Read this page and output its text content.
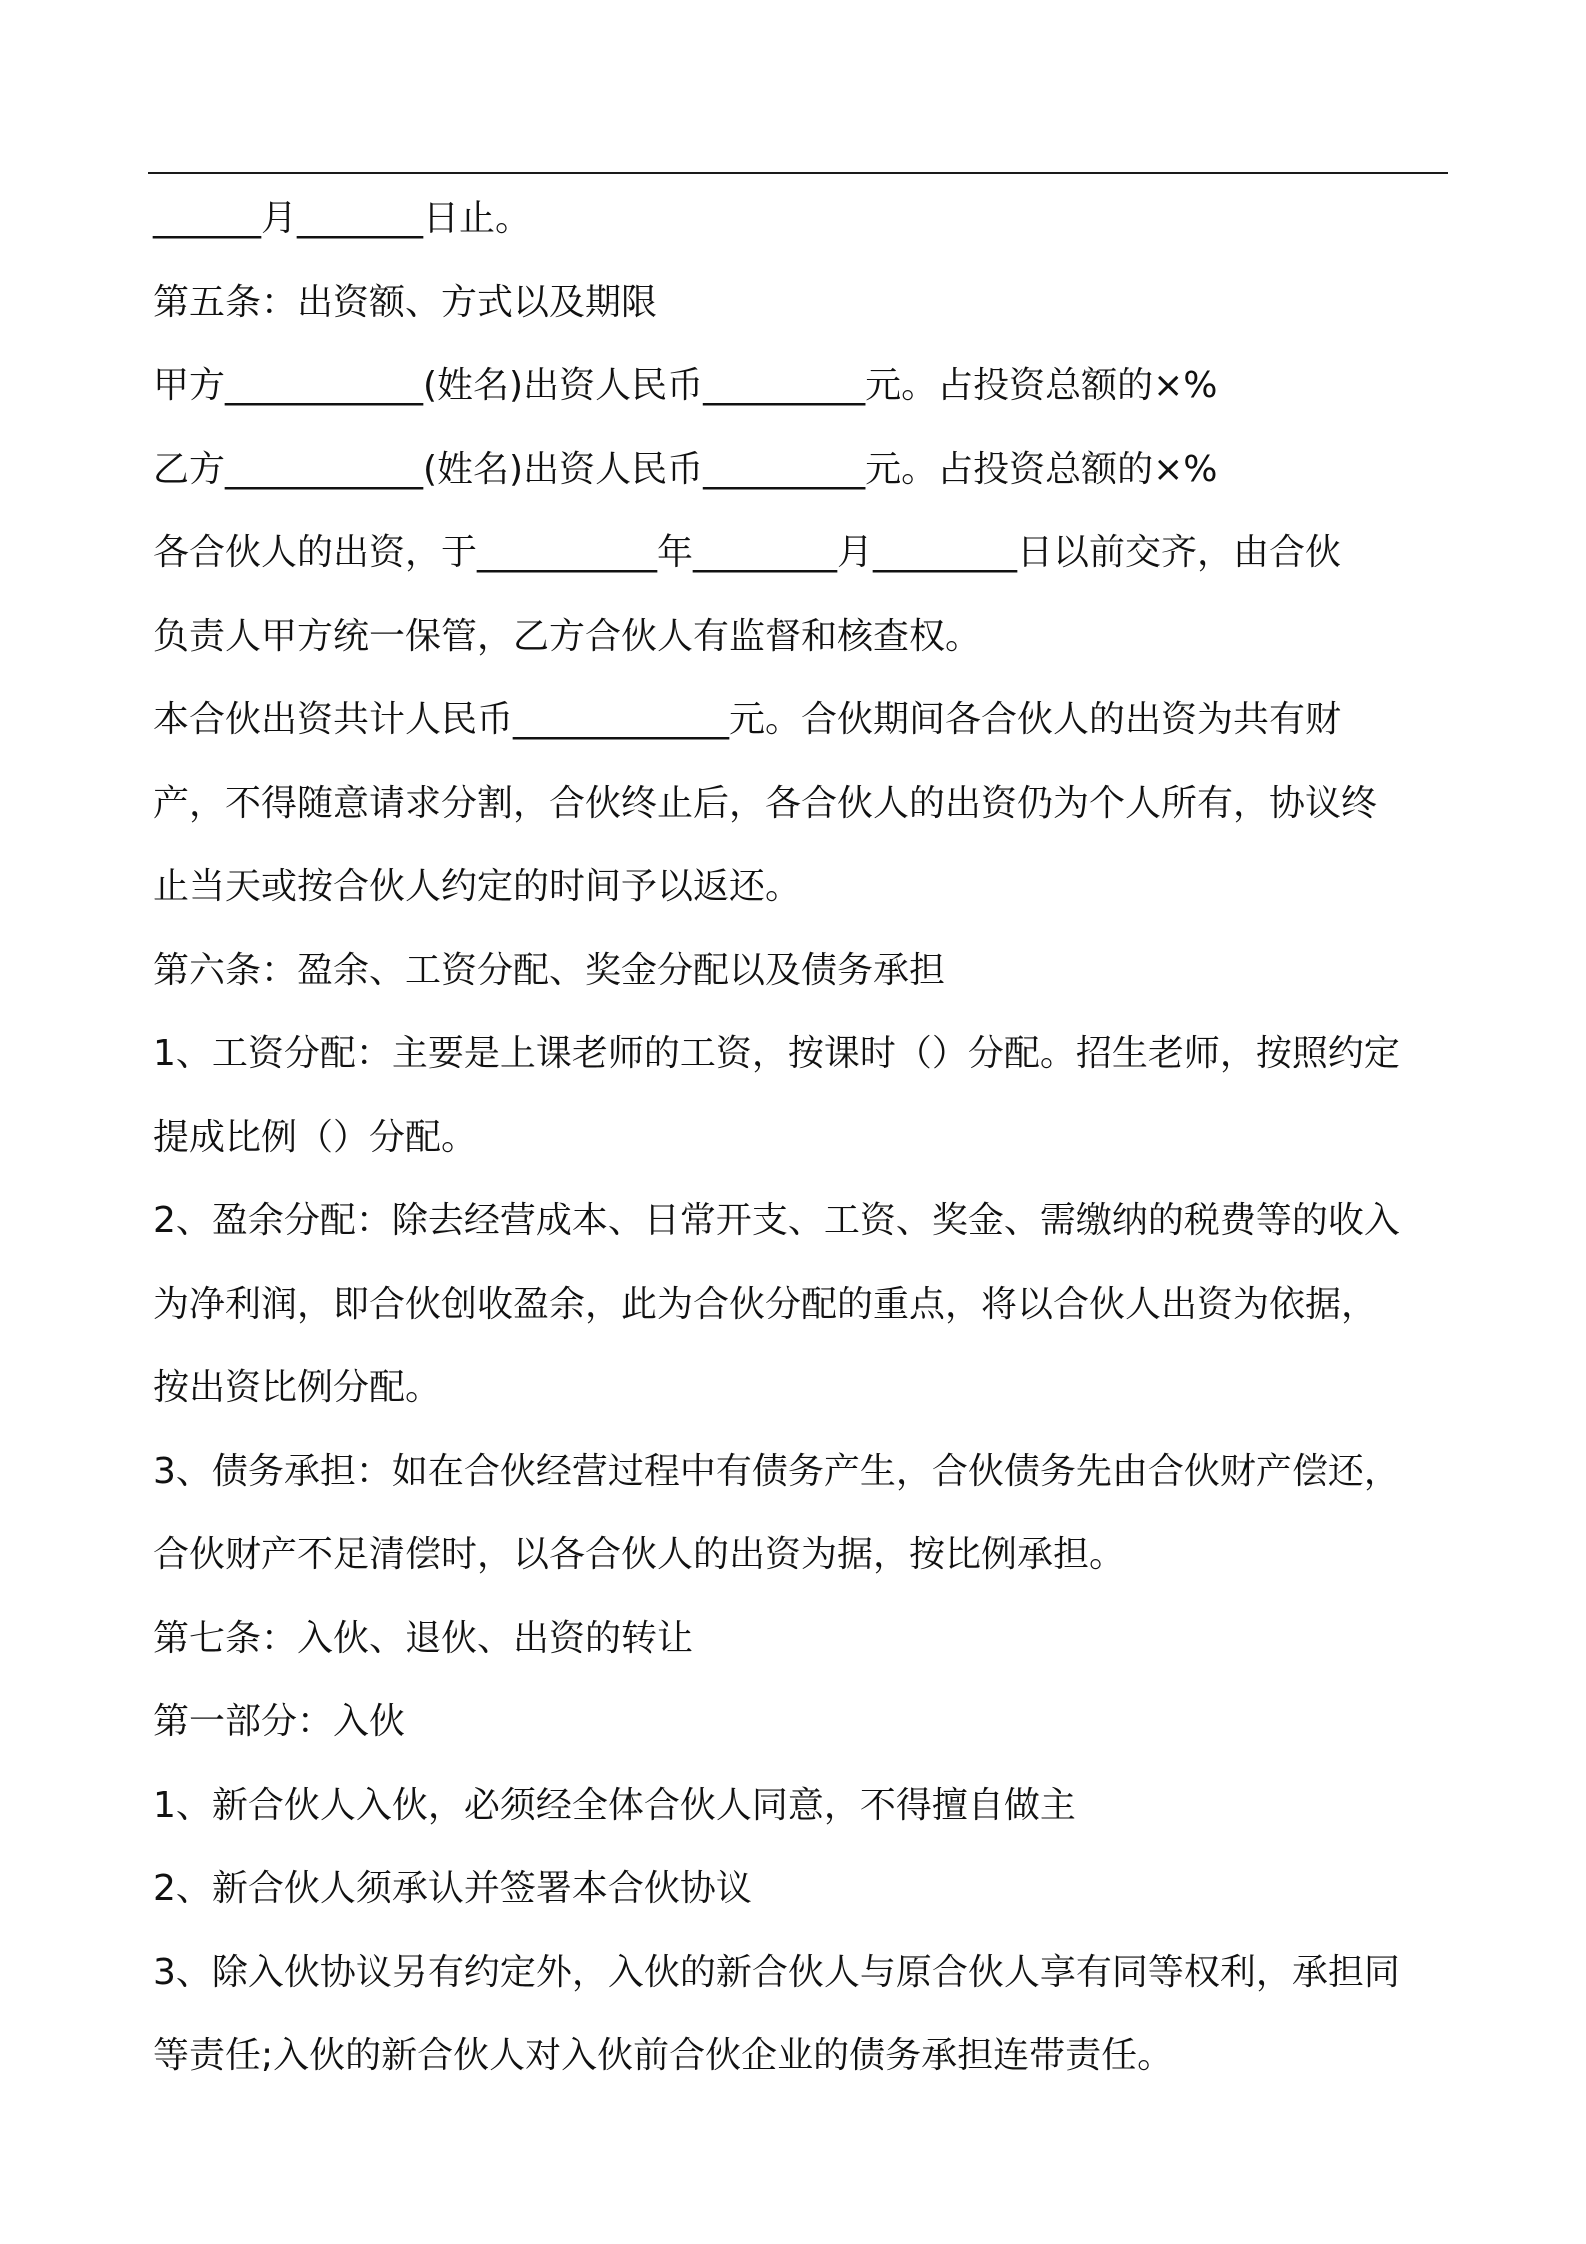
______月_______日止。
第五条：出资额、方式以及期限
甲方___________(姓名)出资人民币_________元。占投资总额的×%
乙方___________(姓名)出资人民币_________元。占投资总额的×%
各合伙人的出资，于__________年________月________日以前交齐，由合伙
负责人甲方统一保管，乙方合伙人有监督和核查权。
本合伙出资共计人民币____________元。合伙期间各合伙人的出资为共有财
产，不得随意请求分割，合伙终止后，各合伙人的出资仍为个人所有，协议终
止当天或按合伙人约定的时间予以返还。
第六条：盈余、工资分配、奖金分配以及债务承担
1、工资分配：主要是上课老师的工资，按课时（）分配。招生老师，按照约定
提成比例（）分配。
2、盈余分配：除去经营成本、日常开支、工资、奖金、需缴纳的税费等的收入
为净利润，即合伙创收盈余，此为合伙分配的重点，将以合伙人出资为依据，
按出资比例分配。
3、债务承担：如在合伙经营过程中有债务产生，合伙债务先由合伙财产偿还，
合伙财产不足清偿时，以各合伙人的出资为据，按比例承担。
第七条：入伙、退伙、出资的转让
第一部分：入伙
1、新合伙人入伙，必须经全体合伙人同意，不得擅自做主
2、新合伙人须承认并签署本合伙协议
3、除入伙协议另有约定外，入伙的新合伙人与原合伙人享有同等权利，承担同
等责任;入伙的新合伙人对入伙前合伙企业的债务承担连带责任。
